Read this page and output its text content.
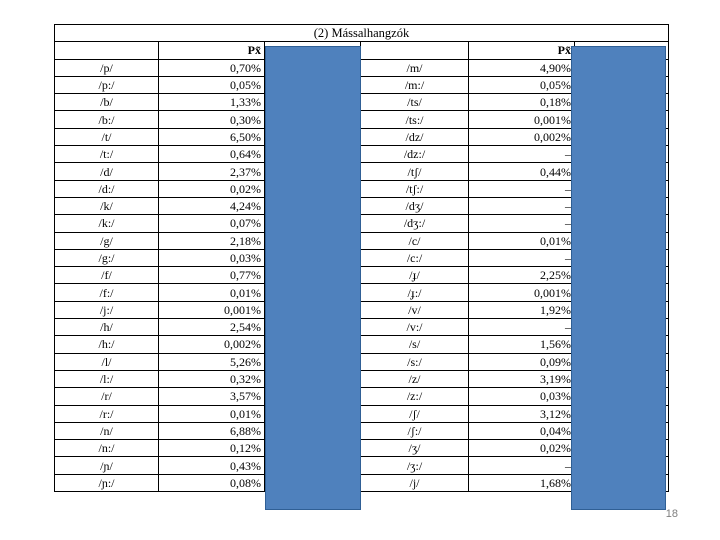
(2) Mássalhangzók					
	Px̃			Px̃	
/p/	0,70%		/m/	4,90%	
/p:/	0,05%		/m:/	0,05%	
/b/	1,33%		/ts/	0,18%	
/b:/	0,30%		/ts:/	0,001%	
/t/	6,50%		/dz/	0,002%	
/t:/	0,64%		/dz:/	–	
/d/	2,37%		/tʃ/	0,44%	
/d:/	0,02%		/tʃ:/	–	
/k/	4,24%		/dʒ/	–	
/k:/	0,07%		/dʒ:/	–	
/g/	2,18%		/c/	0,01%	
/g:/	0,03%		/c:/	–	
/f/	0,77%		/ɟ/	2,25%	
/f:/	0,01%		/ɟ:/	0,001%	
/j:/	0,001%		/v/	1,92%	
/h/	2,54%		/v:/	–	
/h:/	0,002%		/s/	1,56%	
/l/	5,26%		/s:/	0,09%	
/l:/	0,32%		/z/	3,19%	
/r/	3,57%		/z:/	0,03%	
/r:/	0,01%		/ʃ/	3,12%	
/n/	6,88%		/ʃ:/	0,04%	
/n:/	0,12%		/ʒ/	0,02%	
/ɲ/	0,43%		/ʒ:/	–	
/ɲ:/	0,08%		/j/	1,68%	
18
